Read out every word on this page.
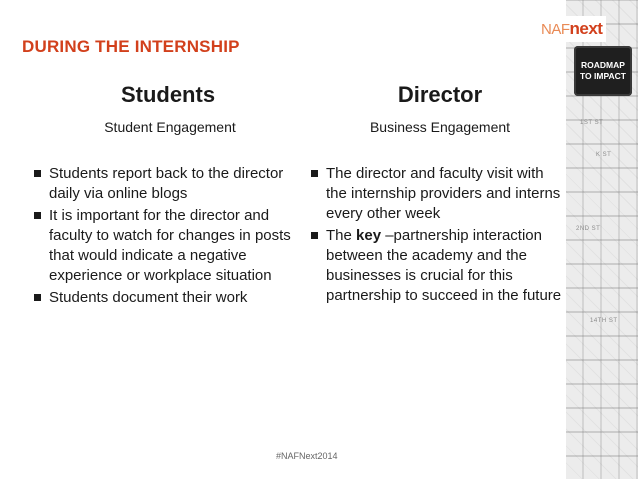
1ST ST
K ST
2ND ST
14TH ST
NAFnext
ROADMAP
TO IMPACT
DURING THE INTERNSHIP
Students
Student Engagement
Director
Business Engagement
Students report back to the director daily via online blogs
It is important for the director and faculty to watch for changes in posts that would indicate a negative experience or workplace situation
Students document their work
The director and faculty visit with the internship providers and interns every other week
The key –partnership interaction between the academy and the businesses is crucial for this partnership to succeed in the future
#NAFNext2014
